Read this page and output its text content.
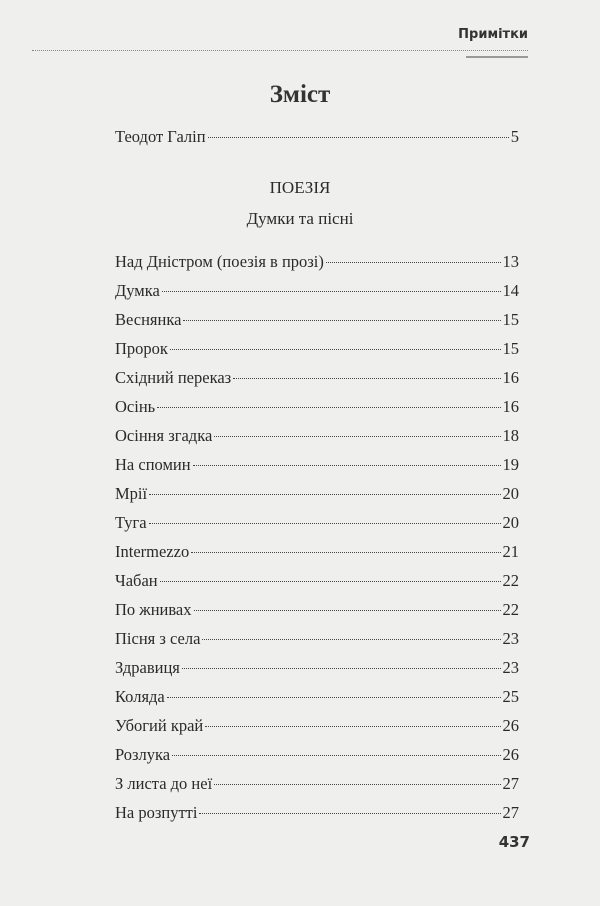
Примітки
Зміст
Теодот Галіп	5
ПОЕЗІЯ
Думки та пісні
Над Дністром (поезія в прозі)	13
Думка	14
Веснянка	15
Пророк	15
Східний переказ	16
Осінь	16
Осіння згадка	18
На спомин	19
Мрії	20
Туга	20
Intermezzo	21
Чабан	22
По жнивах	22
Пісня з села	23
Здравиця	23
Коляда	25
Убогий край	26
Розлука	26
З листа до неї	27
На розпутті	27
437
